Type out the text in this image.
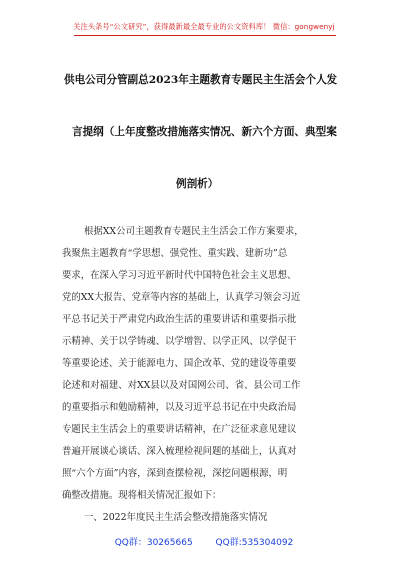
关注头条号“公文研究”，获得最新最全最专业的公文资料库！ 微信：gongwenyj
供电公司分管副总2023年主题教育专题民主生活会个人发
言提纲（上年度整改措施落实情况、新六个方面、典型案
例剖析）
根据XX公司主题教育专题民主生活会工作方案要求，
我聚焦主题教育“学思想、强党性、重实践、建新功”总
要求，在深入学习习近平新时代中国特色社会主义思想、
党的XX大报告、党章等内容的基础上，认真学习领会习近
平总书记关于严肃党内政治生活的重要讲话和重要指示批
示精神、关于以学铸魂、以学增智、以学正风、以学促干
等重要论述、关于能源电力、国企改革、党的建设等重要
论述和对福建、对XX县以及对国网公司、省、县公司工作
的重要指示和勉励精神，以及习近平总书记在中央政治局
专题民主生活会上的重要讲话精神，在广泛征求意见建议
普遍开展谈心谈话、深入梳理检视问题的基础上，认真对
照“六个方面”内容，深到查摆检视，深挖问题根源，明
确整改措施。现将相关情况汇报如下：
一、2022年度民主生活会整改措施落实情况
QQ群：30265665	QQ群:535304092
